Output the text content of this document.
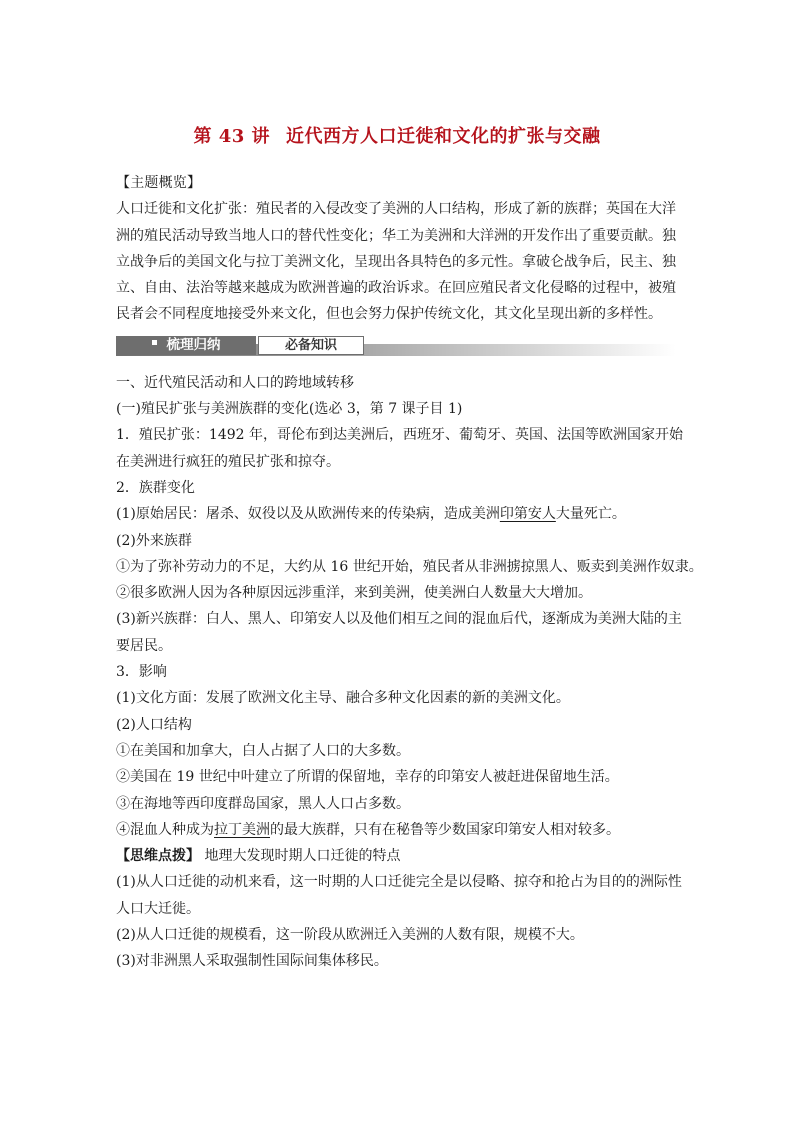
第 43 讲 近代西方人口迁徙和文化的扩张与交融
【主题概览】

人口迁徙和文化扩张：殖民者的入侵改变了美洲的人口结构，形成了新的族群；英国在大洋

洲的殖民活动导致当地人口的替代性变化；华工为美洲和大洋洲的开发作出了重要贡献。独

立战争后的美国文化与拉丁美洲文化，呈现出各具特色的多元性。拿破仑战争后，民主、独

立、自由、法治等越来越成为欧洲普遍的政治诉求。在回应殖民者文化侵略的过程中，被殖

民者会不同程度地接受外来文化，但也会努力保护传统文化，其文化呈现出新的多样性。

梳理归纳	必备知识

一、近代殖民活动和人口的跨地域转移

(一)殖民扩张与美洲族群的变化(选必 3，第 7 课子目 1)

1．殖民扩张：1492 年，哥伦布到达美洲后，西班牙、葡萄牙、英国、法国等欧洲国家开始

在美洲进行疯狂的殖民扩张和掠夺。

2．族群变化

(1)原始居民：屠杀、奴役以及从欧洲传来的传染病，造成美洲印第安人大量死亡。

(2)外来族群

①为了弥补劳动力的不足，大约从 16 世纪开始，殖民者从非洲掳掠黑人、贩卖到美洲作奴隶。

②很多欧洲人因为各种原因远涉重洋，来到美洲，使美洲白人数量大大增加。

(3)新兴族群：白人、黑人、印第安人以及他们相互之间的混血后代，逐渐成为美洲大陆的主

要居民。

3．影响

(1)文化方面：发展了欧洲文化主导、融合多种文化因素的新的美洲文化。

(2)人口结构

①在美国和加拿大，白人占据了人口的大多数。

②美国在 19 世纪中叶建立了所谓的保留地，幸存的印第安人被赶进保留地生活。

③在海地等西印度群岛国家，黑人人口占多数。

④混血人种成为拉丁美洲的最大族群，只有在秘鲁等少数国家印第安人相对较多。

【思维点拨】 地理大发现时期人口迁徙的特点

(1)从人口迁徙的动机来看，这一时期的人口迁徙完全是以侵略、掠夺和抢占为目的的洲际性

人口大迁徙。

(2)从人口迁徙的规模看，这一阶段从欧洲迁入美洲的人数有限，规模不大。

(3)对非洲黑人采取强制性国际间集体移民。
